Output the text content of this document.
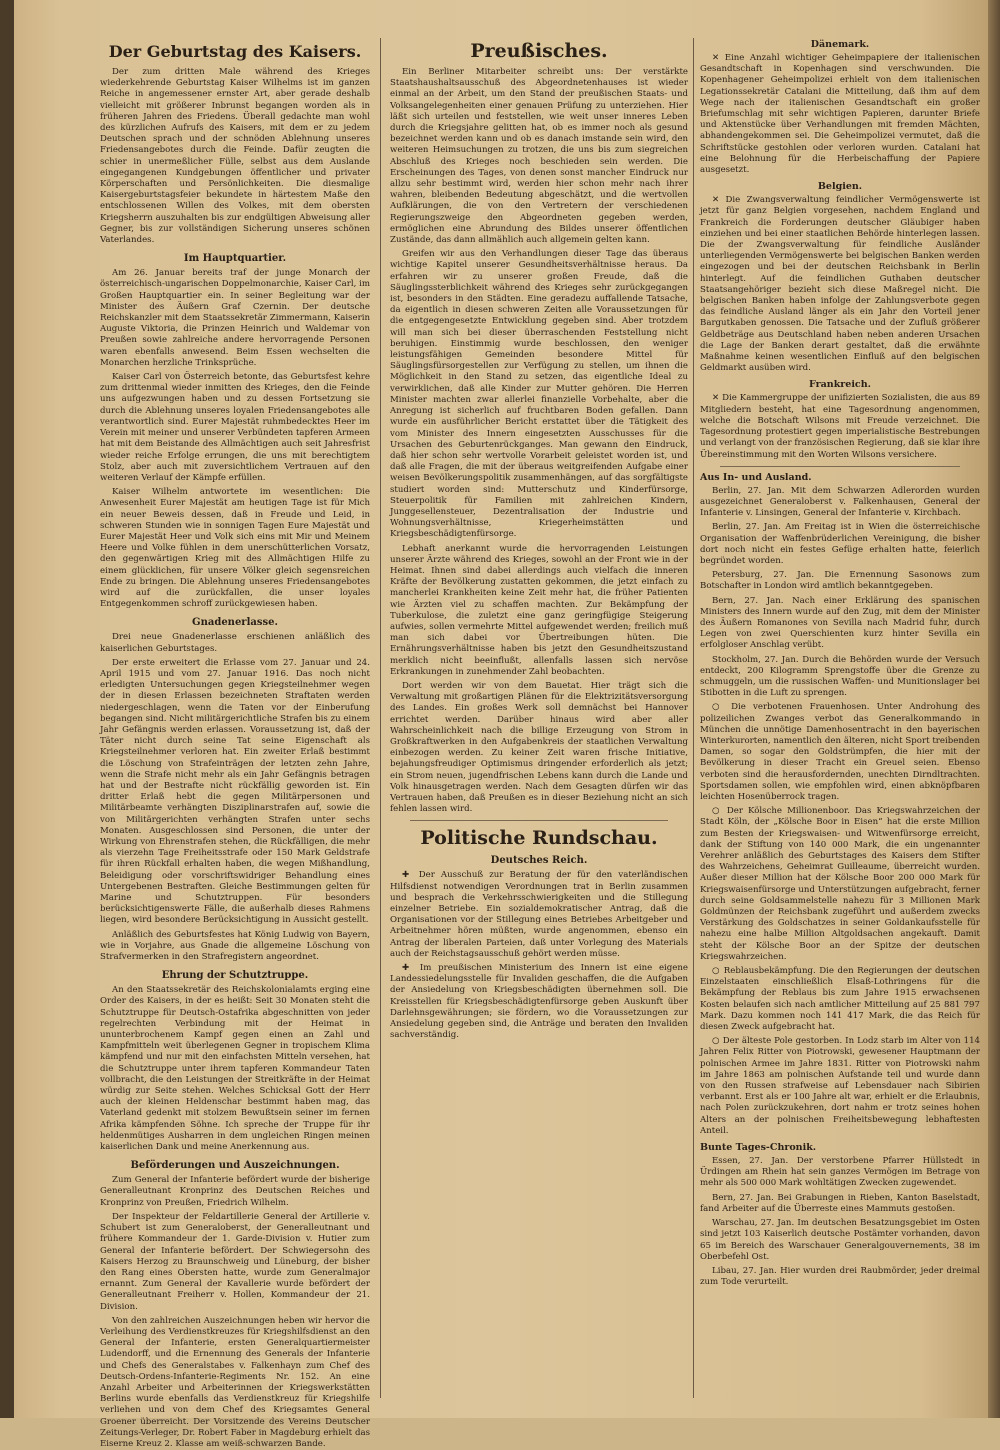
Der Geburtstag des Kaisers.

Der zum dritten Male während des Krieges wiederkehrende Geburtstag Kaiser Wilhelms ist im ganzen Reiche in angemessener ernster Art, aber gerade deshalb vielleicht mit größerer Inbrunst begangen worden als in früheren Jahren des Friedens. Überall gedachte man wohl des kürzlichen Aufrufs des Kaisers, mit dem er zu jedem Deutschen sprach und der schnöden Ablehnung unseres Friedensangebotes durch die Feinde. Dafür zeugten die schier in unermeßlicher Fülle, selbst aus dem Auslande eingegangenen Kundgebungen öffentlicher und privater Körperschaften und Persönlichkeiten. Die diesmalige Kaisergeburtstagsfeier bekundete in härtestem Maße den entschlossenen Willen des Volkes, mit dem obersten Kriegsherrn auszuhalten bis zur endgültigen Abweisung aller Gegner, bis zur vollständigen Sicherung unseres schönen Vaterlandes.

Im Hauptquartier.

Am 26. Januar bereits traf der junge Monarch der österreichisch-ungarischen Doppelmonarchie, Kaiser Carl, im Großen Hauptquartier ein. In seiner Begleitung war der Minister des Äußern Graf Czernin. Der deutsche Reichskanzler mit dem Staatssekretär Zimmermann, Kaiserin Auguste Viktoria, die Prinzen Heinrich und Waldemar von Preußen sowie zahlreiche andere hervorragende Personen waren ebenfalls anwesend. Beim Essen wechselten die Monarchen herzliche Trinksprüche.

Kaiser Carl von Österreich betonte, das Geburtsfest kehre zum drittenmal wieder inmitten des Krieges, den die Feinde uns aufgezwungen haben und zu dessen Fortsetzung sie durch die Ablehnung unseres loyalen Friedensangebotes alle verantwortlich sind. Eurer Majestät ruhmbedecktes Heer im Verein mit meiner und unserer Verbündeten tapferen Armeen hat mit dem Beistande des Allmächtigen auch seit Jahresfrist wieder reiche Erfolge errungen, die uns mit berechtigtem Stolz, aber auch mit zuversichtlichem Vertrauen auf den weiteren Verlauf der Kämpfe erfüllen.

Kaiser Wilhelm antwortete im wesentlichen: Die Anwesenheit Eurer Majestät am heutigen Tage ist für Mich ein neuer Beweis dessen, daß in Freude und Leid, in schweren Stunden wie in sonnigen Tagen Eure Majestät und Eurer Majestät Heer und Volk sich eins mit Mir und Meinem Heere und Volke fühlen in dem unerschütterlichen Vorsatz, den gegenwärtigen Krieg mit des Allmächtigen Hilfe zu einem glücklichen, für unsere Völker gleich segensreichen Ende zu bringen. Die Ablehnung unseres Friedensangebotes wird auf die zurückfallen, die unser loyales Entgegenkommen schroff zurückgewiesen haben.

Gnadenerlasse.

Drei neue Gnadenerlasse erschienen anläßlich des kaiserlichen Geburtstages.

Der erste erweitert die Erlasse vom 27. Januar und 24. April 1915 und vom 27. Januar 1916. Das noch nicht erledigten Untersuchungen gegen Kriegsteilnehmer wegen der in diesen Erlassen bezeichneten Straftaten werden niedergeschlagen, wenn die Taten vor der Einberufung begangen sind. Nicht militärgerichtliche Strafen bis zu einem Jahr Gefängnis werden erlassen. Voraussetzung ist, daß der Täter nicht durch seine Tat seine Eigenschaft als Kriegsteilnehmer verloren hat. Ein zweiter Erlaß bestimmt die Löschung von Strafeinträgen der letzten zehn Jahre, wenn die Strafe nicht mehr als ein Jahr Gefängnis betragen hat und der Bestrafte nicht rückfällig geworden ist. Ein dritter Erlaß hebt die gegen Militärpersonen und Militärbeamte verhängten Disziplinarstrafen auf, sowie die von Militärgerichten verhängten Strafen unter sechs Monaten. Ausgeschlossen sind Personen, die unter der Wirkung von Ehrenstrafen stehen, die Rückfälligen, die mehr als vierzehn Tage Freiheitsstrafe oder 150 Mark Geldstrafe für ihren Rückfall erhalten haben, die wegen Mißhandlung, Beleidigung oder vorschriftswidriger Behandlung eines Untergebenen Bestraften. Gleiche Bestimmungen gelten für Marine und Schutztruppen. Für besonders berücksichtigenswerte Fälle, die außerhalb dieses Rahmens liegen, wird besondere Berücksichtigung in Aussicht gestellt.

Anläßlich des Geburtsfestes hat König Ludwig von Bayern, wie in Vorjahre, aus Gnade die allgemeine Löschung von Strafvermerken in den Strafregistern angeordnet.

Ehrung der Schutztruppe.

An den Staatssekretär des Reichskolonialamts erging eine Order des Kaisers, in der es heißt: Seit 30 Monaten steht die Schutztruppe für Deutsch-Ostafrika abgeschnitten von jeder regelrechten Verbindung mit der Heimat in ununterbrochenem Kampf gegen einen an Zahl und Kampfmitteln weit überlegenen Gegner in tropischem Klima kämpfend und nur mit den einfachsten Mitteln versehen, hat die Schutztruppe unter ihrem tapferen Kommandeur Taten vollbracht, die den Leistungen der Streitkräfte in der Heimat würdig zur Seite stehen. Welches Schicksal Gott der Herr auch der kleinen Heldenschar bestimmt haben mag, das Vaterland gedenkt mit stolzem Bewußtsein seiner im fernen Afrika kämpfenden Söhne. Ich spreche der Truppe für ihr heldenmütiges Ausharren in dem ungleichen Ringen meinen kaiserlichen Dank und meine Anerkennung aus.

Beförderungen und Auszeichnungen.

Zum General der Infanterie befördert wurde der bisherige Generalleutnant Kronprinz des Deutschen Reiches und Kronprinz von Preußen, Friedrich Wilhelm.

Der Inspekteur der Feldartillerie General der Artillerie v. Schubert ist zum Generaloberst, der Generalleutnant und frühere Kommandeur der 1. Garde-Division v. Hutier zum General der Infanterie befördert. Der Schwiegersohn des Kaisers Herzog zu Braunschweig und Lüneburg, der bisher den Rang eines Obersten hatte, wurde zum Generalmajor ernannt. Zum General der Kavallerie wurde befördert der Generalleutnant Freiherr v. Hollen, Kommandeur der 21. Division.

Von den zahlreichen Auszeichnungen heben wir hervor die Verleihung des Verdienstkreuzes für Kriegshilfsdienst an den General der Infanterie, ersten Generalquartiermeister Ludendorff, und die Ernennung des Generals der Infanterie und Chefs des Generalstabes v. Falkenhayn zum Chef des Deutsch-Ordens-Infanterie-Regiments Nr. 152. An eine Anzahl Arbeiter und Arbeiterinnen der Kriegswerkstätten Berlins wurde ebenfalls das Verdienstkreuz für Kriegshilfe verliehen und von dem Chef des Kriegsamtes General Groener überreicht. Der Vorsitzende des Vereins Deutscher Zeitungs-Verleger, Dr. Robert Faber in Magdeburg erhielt das Eiserne Kreuz 2. Klasse am weiß-schwarzen Bande.

Preußisches.

Ein Berliner Mitarbeiter schreibt uns: Der verstärkte Staatshaushaltsausschuß des Abgeordnetenhauses ist wieder einmal an der Arbeit, um den Stand der preußischen Staats- und Volksangelegenheiten einer genauen Prüfung zu unterziehen. Hier läßt sich urteilen und feststellen, wie weit unser inneres Leben durch die Kriegsjahre gelitten hat, ob es immer noch als gesund bezeichnet werden kann und ob es danach imstande sein wird, den weiteren Heimsuchungen zu trotzen, die uns bis zum siegreichen Abschluß des Krieges noch beschieden sein werden. Die Erscheinungen des Tages, von denen sonst mancher Eindruck nur allzu sehr bestimmt wird, werden hier schon mehr nach ihrer wahren, bleibenden Bedeutung abgeschätzt, und die wertvollen Aufklärungen, die von den Vertretern der verschiedenen Regierungszweige den Abgeordneten gegeben werden, ermöglichen eine Abrundung des Bildes unserer öffentlichen Zustände, das dann allmählich auch allgemein gelten kann.

Greifen wir aus den Verhandlungen dieser Tage das überaus wichtige Kapitel unserer Gesundheitsverhältnisse heraus. Da erfahren wir zu unserer großen Freude, daß die Säuglingssterblichkeit während des Krieges sehr zurückgegangen ist, besonders in den Städten. Eine geradezu auffallende Tatsache, da eigentlich in diesen schweren Zeiten alle Voraussetzungen für die entgegengesetzte Entwicklung gegeben sind. Aber trotzdem will man sich bei dieser überraschenden Feststellung nicht beruhigen. Einstimmig wurde beschlossen, den weniger leistungsfähigen Gemeinden besondere Mittel für Säuglingsfürsorgestellen zur Verfügung zu stellen, um ihnen die Möglichkeit in den Stand zu setzen, das eigentliche Ideal zu verwirklichen, daß alle Kinder zur Mutter gehören. Die Herren Minister machten zwar allerlei finanzielle Vorbehalte, aber die Anregung ist sicherlich auf fruchtbaren Boden gefallen. Dann wurde ein ausführlicher Bericht erstattet über die Tätigkeit des vom Minister des Innern eingesetzten Ausschusses für die Ursachen des Geburtenrückganges. Man gewann den Eindruck, daß hier schon sehr wertvolle Vorarbeit geleistet worden ist, und daß alle Fragen, die mit der überaus weitgreifenden Aufgabe einer weisen Bevölkerungspolitik zusammenhängen, auf das sorgfältigste studiert worden sind: Mutterschutz und Kinderfürsorge, Steuerpolitik für Familien mit zahlreichen Kindern, Junggesellensteuer, Dezentralisation der Industrie und Wohnungsverhältnisse, Kriegerheimstätten und Kriegsbeschädigtenfürsorge.

Lebhaft anerkannt wurde die hervorragenden Leistungen unserer Ärzte während des Krieges, sowohl an der Front wie in der Heimat. Ihnen sind dabei allerdings auch vielfach die inneren Kräfte der Bevölkerung zustatten gekommen, die jetzt einfach zu mancherlei Krankheiten keine Zeit mehr hat, die früher Patienten wie Ärzten viel zu schaffen machten. Zur Bekämpfung der Tuberkulose, die zuletzt eine ganz geringfügige Steigerung aufwies, sollen vermehrte Mittel aufgewendet werden; freilich muß man sich dabei vor Übertreibungen hüten. Die Ernährungsverhältnisse haben bis jetzt den Gesundheitszustand merklich nicht beeinflußt, allenfalls lassen sich nervöse Erkrankungen in zunehmender Zahl beobachten.

Dort werden wir von dem Bauetat. Hier trägt sich die Verwaltung mit großartigen Plänen für die Elektrizitätsversorgung des Landes. Ein großes Werk soll demnächst bei Hannover errichtet werden. Darüber hinaus wird aber aller Wahrscheinlichkeit nach die billige Erzeugung von Strom in Großkraftwerken in den Aufgabenkreis der staatlichen Verwaltung einbezogen werden. Zu keiner Zeit waren frische Initiative, bejahungsfreudiger Optimismus dringender erforderlich als jetzt; ein Strom neuen, jugendfrischen Lebens kann durch die Lande und Volk hinausgetragen werden. Nach dem Gesagten dürfen wir das Vertrauen haben, daß Preußen es in dieser Beziehung nicht an sich fehlen lassen wird.

Politische Rundschau.
Deutsches Reich.

✚ Der Ausschuß zur Beratung der für den vaterländischen Hilfsdienst notwendigen Verordnungen trat in Berlin zusammen und besprach die Verkehrsschwierigkeiten und die Stillegung einzelner Betriebe. Ein sozialdemokratischer Antrag, daß die Organisationen vor der Stillegung eines Betriebes Arbeitgeber und Arbeitnehmer hören müßten, wurde angenommen, ebenso ein Antrag der liberalen Parteien, daß unter Vorlegung des Materials auch der Reichstagsausschuß gehört werden müsse.

✚ Im preußischen Ministerium des Innern ist eine eigene Landessiedelungsstelle für Invaliden geschaffen, die die Aufgaben der Ansiedelung von Kriegsbeschädigten übernehmen soll. Die Kreisstellen für Kriegsbeschädigtenfürsorge geben Auskunft über Darlehnsgewährungen; sie fördern, wo die Voraussetzungen zur Ansiedelung gegeben sind, die Anträge und beraten den Invaliden sachverständig.

Dänemark.

✕ Eine Anzahl wichtiger Geheimpapiere der italienischen Gesandtschaft in Kopenhagen sind verschwunden. Die Kopenhagener Geheimpolizei erhielt von dem italienischen Legationssekretär Catalani die Mitteilung, daß ihm auf dem Wege nach der italienischen Gesandtschaft ein großer Briefumschlag mit sehr wichtigen Papieren, darunter Briefe und Aktenstücke über Verhandlungen mit fremden Mächten, abhandengekommen sei. Die Geheimpolizei vermutet, daß die Schriftstücke gestohlen oder verloren wurden. Catalani hat eine Belohnung für die Herbeischaffung der Papiere ausgesetzt.

Belgien.

✕ Die Zwangsverwaltung feindlicher Vermögenswerte ist jetzt für ganz Belgien vorgesehen, nachdem England und Frankreich die Forderungen deutscher Gläubiger haben einziehen und bei einer staatlichen Behörde hinterlegen lassen. Die der Zwangsverwaltung für feindliche Ausländer unterliegenden Vermögenswerte bei belgischen Banken werden eingezogen und bei der deutschen Reichsbank in Berlin hinterlegt. Auf die feindlichen Guthaben deutscher Staatsangehöriger bezieht sich diese Maßregel nicht. Die belgischen Banken haben infolge der Zahlungsverbote gegen das feindliche Ausland länger als ein Jahr den Vorteil jener Bargutkaben genossen. Die Tatsache und der Zufluß größerer Geldbeträge aus Deutschland haben neben anderen Ursachen die Lage der Banken derart gestaltet, daß die erwähnte Maßnahme keinen wesentlichen Einfluß auf den belgischen Geldmarkt ausüben wird.

Frankreich.

✕ Die Kammergruppe der unifizierten Sozialisten, die aus 89 Mitgliedern besteht, hat eine Tagesordnung angenommen, welche die Botschaft Wilsons mit Freude verzeichnet. Die Tagesordnung protestiert gegen imperialistische Bestrebungen und verlangt von der französischen Regierung, daß sie klar ihre Übereinstimmung mit den Worten Wilsons versichere.

Aus In- und Ausland.

Berlin, 27. Jan. Mit dem Schwarzen Adlerorden wurden ausgezeichnet Generaloberst v. Falkenhausen, General der Infanterie v. Linsingen, General der Infanterie v. Kirchbach.

Berlin, 27. Jan. Am Freitag ist in Wien die österreichische Organisation der Waffenbrüderlichen Vereinigung, die bisher dort noch nicht ein festes Gefüge erhalten hatte, feierlich begründet worden.

Petersburg, 27. Jan. Die Ernennung Sasonows zum Botschafter in London wird amtlich bekanntgegeben.

Bern, 27. Jan. Nach einer Erklärung des spanischen Ministers des Innern wurde auf den Zug, mit dem der Minister des Äußern Romanones von Sevilla nach Madrid fuhr, durch Legen von zwei Querschienten kurz hinter Sevilla ein erfolgloser Anschlag verübt.

Stockholm, 27. Jan. Durch die Behörden wurde der Versuch entdeckt, 200 Kilogramm Sprengstoffe über die Grenze zu schmuggeln, um die russischen Waffen- und Munitionslager bei Stibotten in die Luft zu sprengen.

○ Die verbotenen Frauenhosen. Unter Androhung des polizeilichen Zwanges verbot das Generalkommando in München die unnötige Damenhosentracht in den bayerischen Winterkurorten, namentlich den älteren, nicht Sport treibenden Damen, so sogar den Goldstrümpfen, die hier mit der Bevölkerung in dieser Tracht ein Greuel seien. Ebenso verboten sind die herausfordernden, unechten Dirndltrachten. Sportsdamen sollen, wie empfohlen wird, einen abknöpfbaren leichten Hosenüberrock tragen.

○ Der Kölsche Millionenboor. Das Kriegswahrzeichen der Stadt Köln, der „Kölsche Boor in Eisen“ hat die erste Million zum Besten der Kriegswaisen- und Witwenfürsorge erreicht, dank der Stiftung von 140 000 Mark, die ein ungenannter Verehrer anläßlich des Geburtstages des Kaisers dem Stifter des Wahrzeichens, Geheimrat Guilleaume, überreicht wurden. Außer dieser Million hat der Kölsche Boor 200 000 Mark für Kriegswaisenfürsorge und Unterstützungen aufgebracht, ferner durch seine Goldsammelstelle nahezu für 3 Millionen Mark Goldmünzen der Reichsbank zugeführt und außerdem zwecks Verstärkung des Goldschatzes in seiner Goldankaufsstelle für nahezu eine halbe Million Altgoldsachen angekauft. Damit steht der Kölsche Boor an der Spitze der deutschen Kriegswahrzeichen.

○ Reblausbekämpfung. Die den Regierungen der deutschen Einzelstaaten einschließlich Elsaß-Lothringens für die Bekämpfung der Reblaus bis zum Jahre 1915 erwachsenen Kosten belaufen sich nach amtlicher Mitteilung auf 25 881 797 Mark. Dazu kommen noch 141 417 Mark, die das Reich für diesen Zweck aufgebracht hat.

○ Der älteste Pole gestorben. In Lodz starb im Alter von 114 Jahren Felix Ritter von Piotrowski, gewesener Hauptmann der polnischen Armee im Jahre 1831. Ritter von Piotrowski nahm im Jahre 1863 am polnischen Aufstande teil und wurde dann von den Russen strafweise auf Lebensdauer nach Sibirien verbannt. Erst als er 100 Jahre alt war, erhielt er die Erlaubnis, nach Polen zurückzukehren, dort nahm er trotz seines hohen Alters an der polnischen Freiheitsbewegung lebhaftesten Anteil.

Bunte Tages-Chronik.

Essen, 27. Jan. Der verstorbene Pfarrer Hüllstedt in Ürdingen am Rhein hat sein ganzes Vermögen im Betrage von mehr als 500 000 Mark wohltätigen Zwecken zugewendet.

Bern, 27. Jan. Bei Grabungen in Rieben, Kanton Baselstadt, fand Arbeiter auf die Überreste eines Mammuts gestoßen.

Warschau, 27. Jan. Im deutschen Besatzungsgebiet im Osten sind jetzt 103 Kaiserlich deutsche Postämter vorhanden, davon 65 im Bereich des Warschauer Generalgouvernements, 38 im Oberbefehl Ost.

Libau, 27. Jan. Hier wurden drei Raubmörder, jeder dreimal zum Tode verurteilt.
